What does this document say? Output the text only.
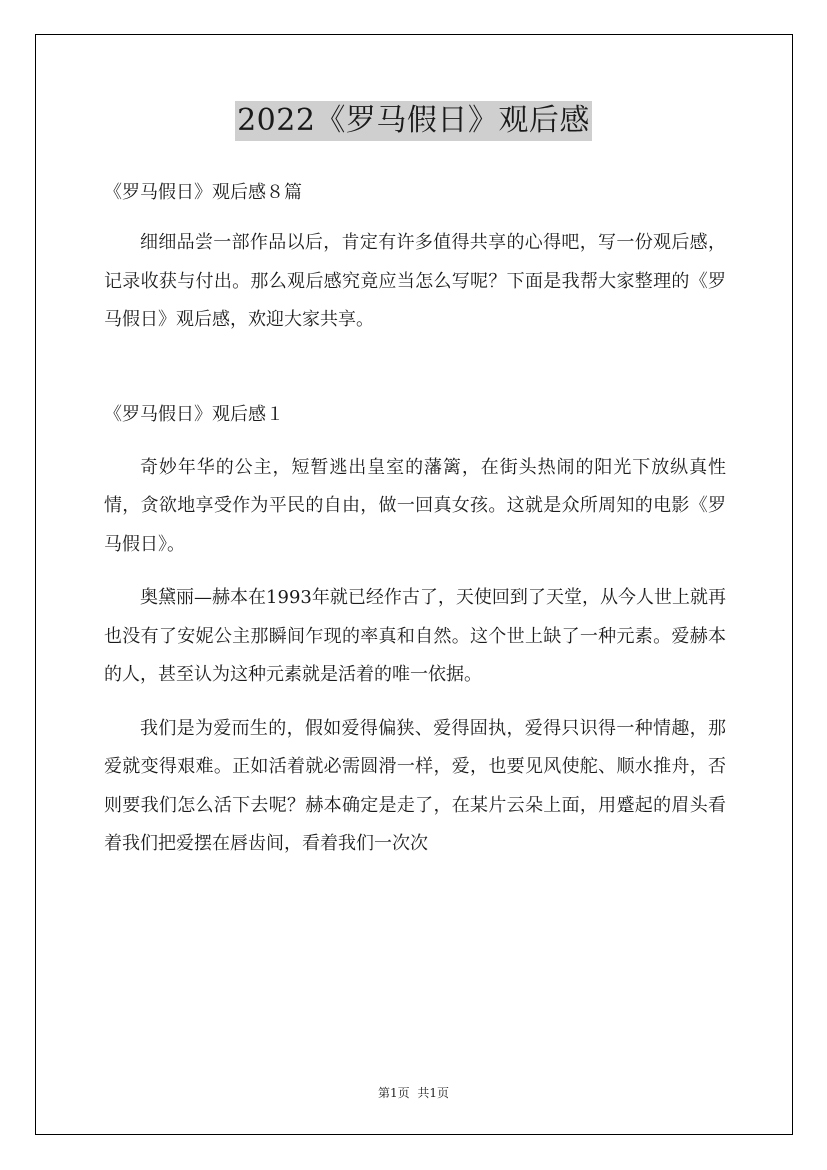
2022《罗马假日》观后感

《罗马假日》观后感８篇

细细品尝一部作品以后，肯定有许多值得共享的心得吧，写一份观后感，记录收获与付出。那么观后感究竟应当怎么写呢？下面是我帮大家整理的《罗马假日》观后感，欢迎大家共享。

《罗马假日》观后感１

奇妙年华的公主，短暂逃出皇室的藩篱，在街头热闹的阳光下放纵真性情，贪欲地享受作为平民的自由，做一回真女孩。这就是众所周知的电影《罗马假日》。

奥黛丽—赫本在1993年就已经作古了，天使回到了天堂，从今人世上就再也没有了安妮公主那瞬间乍现的率真和自然。这个世上缺了一种元素。爱赫本的人，甚至认为这种元素就是活着的唯一依据。

我们是为爱而生的，假如爱得偏狭、爱得固执，爱得只识得一种情趣，那爱就变得艰难。正如活着就必需圆滑一样，爱，也要见风使舵、顺水推舟，否则要我们怎么活下去呢？赫本确定是走了，在某片云朵上面，用蹙起的眉头看着我们把爱摆在唇齿间，看着我们一次次

第1页 共1页
